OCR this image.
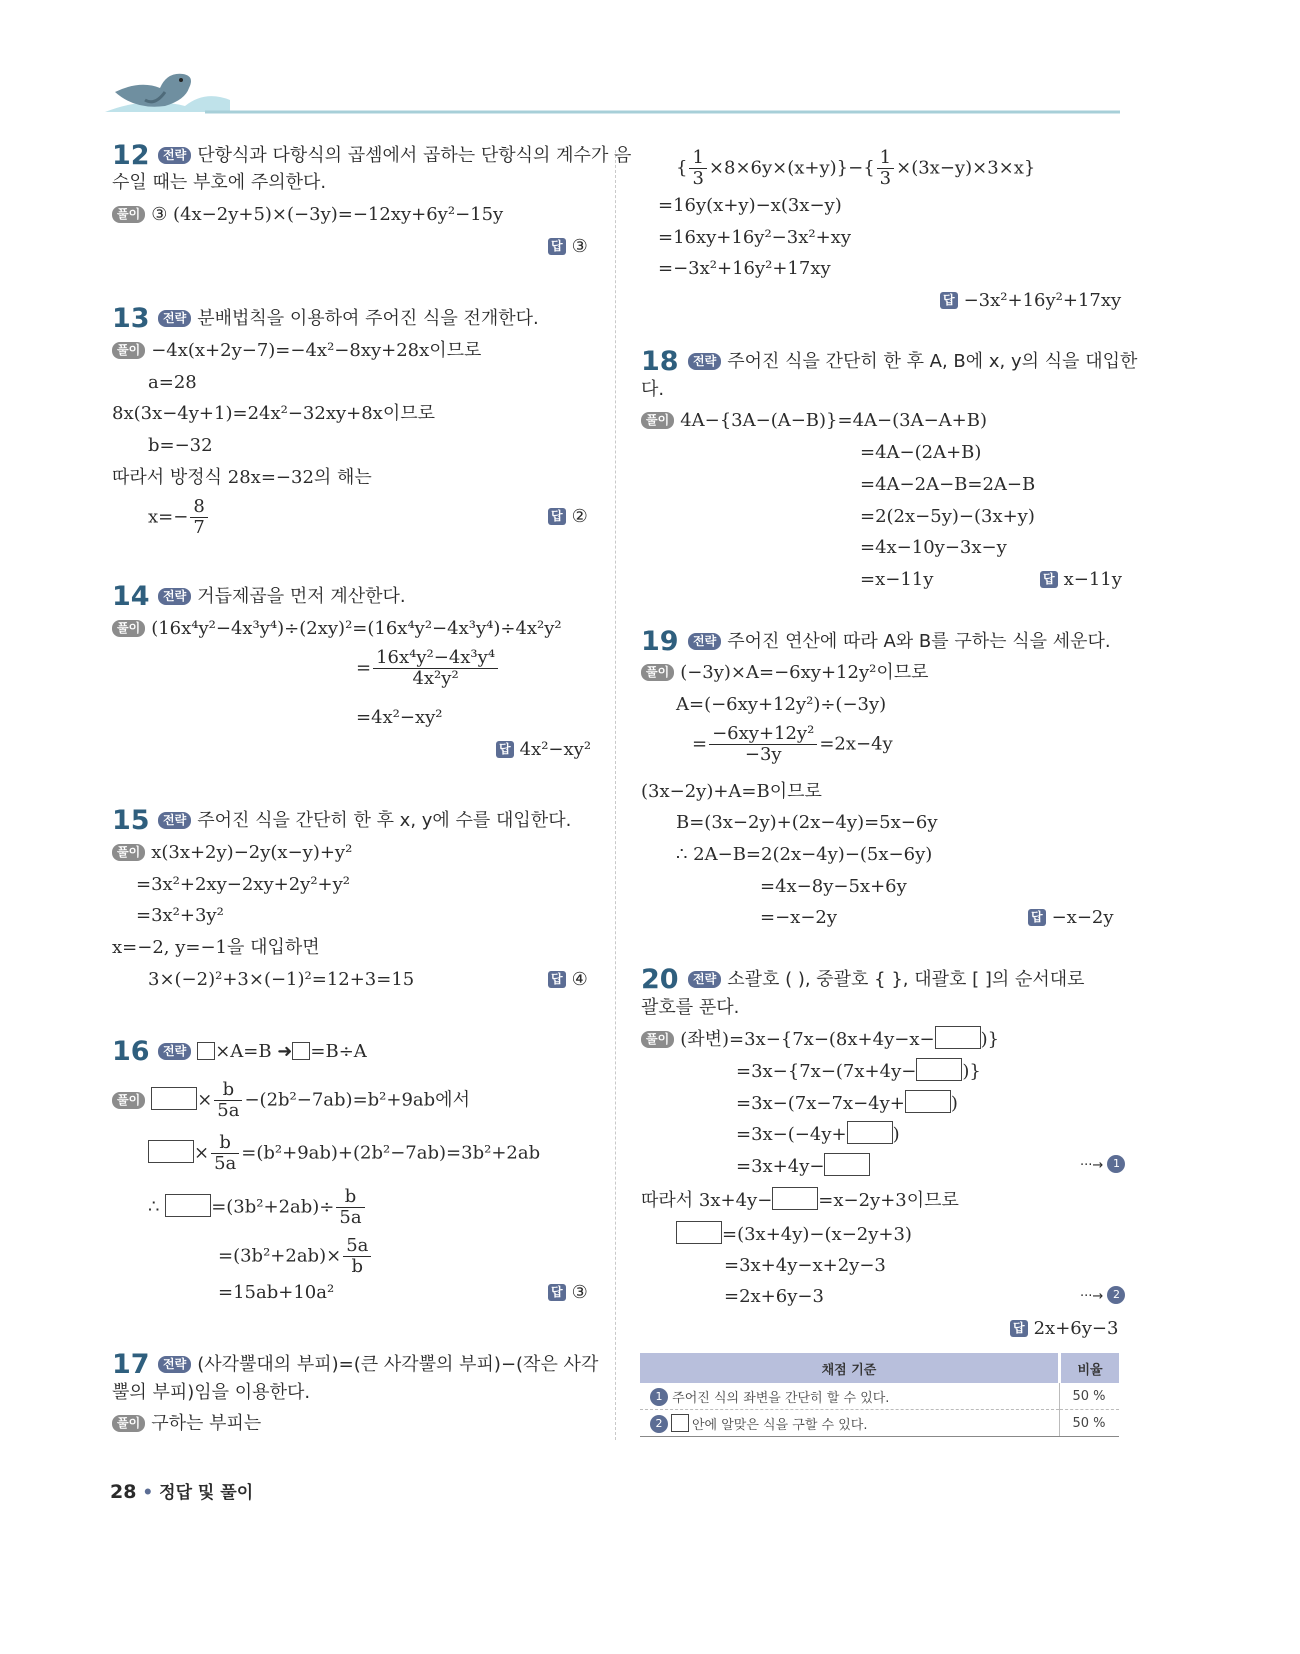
12	전략 단항식과 다항식의 곱셈에서 곱하는 단항식의 계수가 음
수일 때는 부호에 주의한다.
풀이 ③ (4x−2y+5)×(−3y)=−12xy+6y²−15y
답 ③
13	전략 분배법칙을 이용하여 주어진 식을 전개한다.
풀이 −4x(x+2y−7)=−4x²−8xy+28x이므로
a=28
8x(3x−4y+1)=24x²−32xy+8x이므로
b=−32
따라서 방정식 28x=−32의 해는
$x=- \frac{8}{7}$	답 ②
14	전략 거듭제곱을 먼저 계산한다.
풀이 (16x⁴y²−4x³y⁴)÷(2xy)²=(16x⁴y²−4x³y⁴)÷4x²y²
= $\frac{\text{16x⁴y²−4x³y⁴}}{\text{4x²y²}}$
=4x²−xy²
답 4x²−xy²
15	전략 주어진 식을 간단히 한 후 x, y에 수를 대입한다.
풀이 x(3x+2y)−2y(x−y)+y²
=3x²+2xy−2xy+2y²+y²
=3x²+3y²
x=−2, y=−1을 대입하면
3×(−2)²+3×(−1)²=12+3=15	답 ④
16	전략 ×A=B ➜ =B÷A
풀이	× $\frac{b}{5a} -(2b^2-7ab)=b^2+9ab$에서
× $\frac{b}{5a} =(b^2+9ab)+(2b^2-7ab)=3b^2+2ab$
∴	$=(3b^2+2ab)\div \frac{b}{5a}$
$=(3b^2+2ab)\times \frac{5a}{b}$
=15ab+10a²	답 ③
17	전략 (사각뿔대의 부피)=(큰 사각뿔의 부피)−(작은 사각
뿔의 부피)임을 이용한다.
풀이 구하는 부피는
{ $\frac{1}{3} \times 8\times 6y\times(x+y)\}-\{ \frac{1}{3} \times(3x-y)\times 3\times x\}$
=16y(x+y)−x(3x−y)
=16xy+16y²−3x²+xy
=−3x²+16y²+17xy
답 −3x²+16y²+17xy
18	전략 주어진 식을 간단히 한 후 A, B에 x, y의 식을 대입한
다.
풀이 4A−{3A−(A−B)}=4A−(3A−A+B)
=4A−(2A+B)
=4A−2A−B=2A−B
=2(2x−5y)−(3x+y)
=4x−10y−3x−y
=x−11y	답 x−11y
19	전략 주어진 연산에 따라 A와 B를 구하는 식을 세운다.
풀이 (−3y)×A=−6xy+12y²이므로
A=(−6xy+12y²)÷(−3y)
= $\frac{\text{−6xy+12y²}}{-3y} =2x-4y$
(3x−2y)+A=B이므로
B=(3x−2y)+(2x−4y)=5x−6y
∴ 2A−B=2(2x−4y)−(5x−6y)
=4x−8y−5x+6y
=−x−2y	답 −x−2y
20	전략 소괄호 ( ), 중괄호 { }, 대괄호 [ ]의 순서대로
괄호를 푼다.
풀이 (좌변)=3x−{7x−(8x+4y−x−	)}
=3x−{7x−(7x+4y−	)}
=3x−(7x−7x−4y+	)
=3x−(−4y+	)
=3x+4y−	···→ 1
따라서 3x+4y−	=x−2y+3이므로
=(3x+4y)−(x−2y+3)
=3x+4y−x+2y−3
=2x+6y−3	···→ 2
답 2x+6y−3
채점 기준	비율
1 주어진 식의 좌변을 간단히 할 수 있다.	50 %
2 안에 알맞은 식을 구할 수 있다.	50 %
28 • 정답 및 풀이
